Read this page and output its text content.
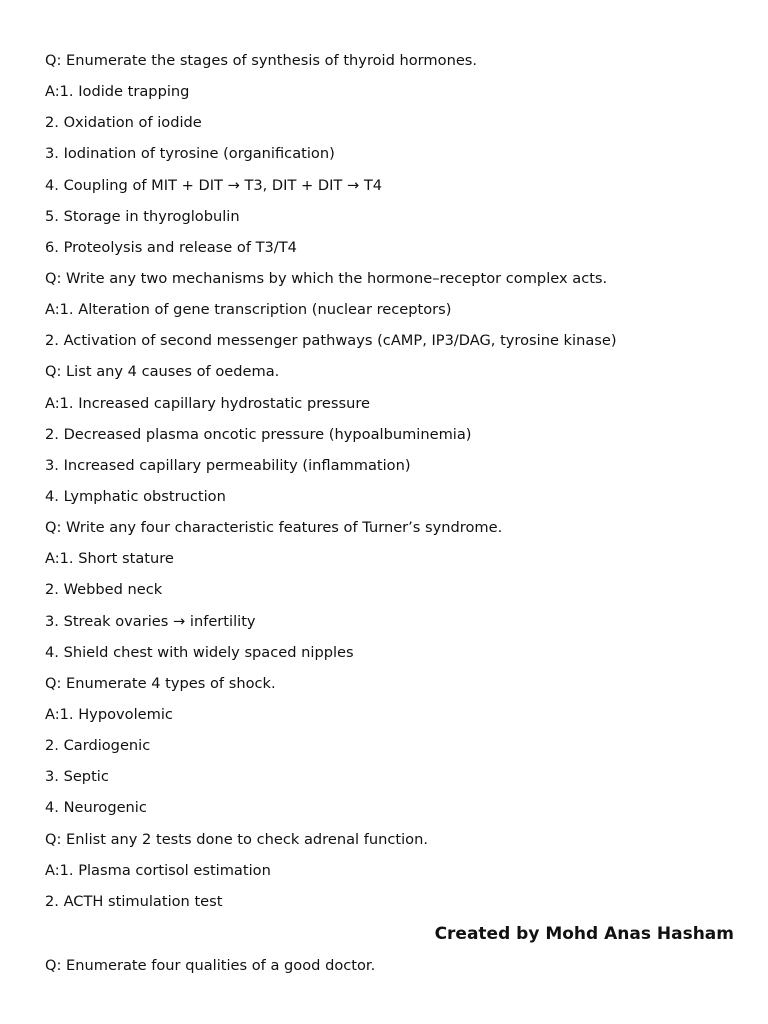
Q: Enumerate the stages of synthesis of thyroid hormones.
A:1. Iodide trapping
2. Oxidation of iodide
3. Iodination of tyrosine (organification)
4. Coupling of MIT + DIT → T3, DIT + DIT → T4
5. Storage in thyroglobulin
6. Proteolysis and release of T3/T4
Q: Write any two mechanisms by which the hormone–receptor complex acts.
A:1. Alteration of gene transcription (nuclear receptors)
2. Activation of second messenger pathways (cAMP, IP3/DAG, tyrosine kinase)
Q: List any 4 causes of oedema.
A:1. Increased capillary hydrostatic pressure
2. Decreased plasma oncotic pressure (hypoalbuminemia)
3. Increased capillary permeability (inflammation)
4. Lymphatic obstruction
Q: Write any four characteristic features of Turner’s syndrome.
A:1. Short stature
2. Webbed neck
3. Streak ovaries → infertility
4. Shield chest with widely spaced nipples
Q: Enumerate 4 types of shock.
A:1. Hypovolemic
2. Cardiogenic
3. Septic
4. Neurogenic
Q: Enlist any 2 tests done to check adrenal function.
A:1. Plasma cortisol estimation
2. ACTH stimulation test
Created by Mohd Anas Hasham
Q: Enumerate four qualities of a good doctor.
